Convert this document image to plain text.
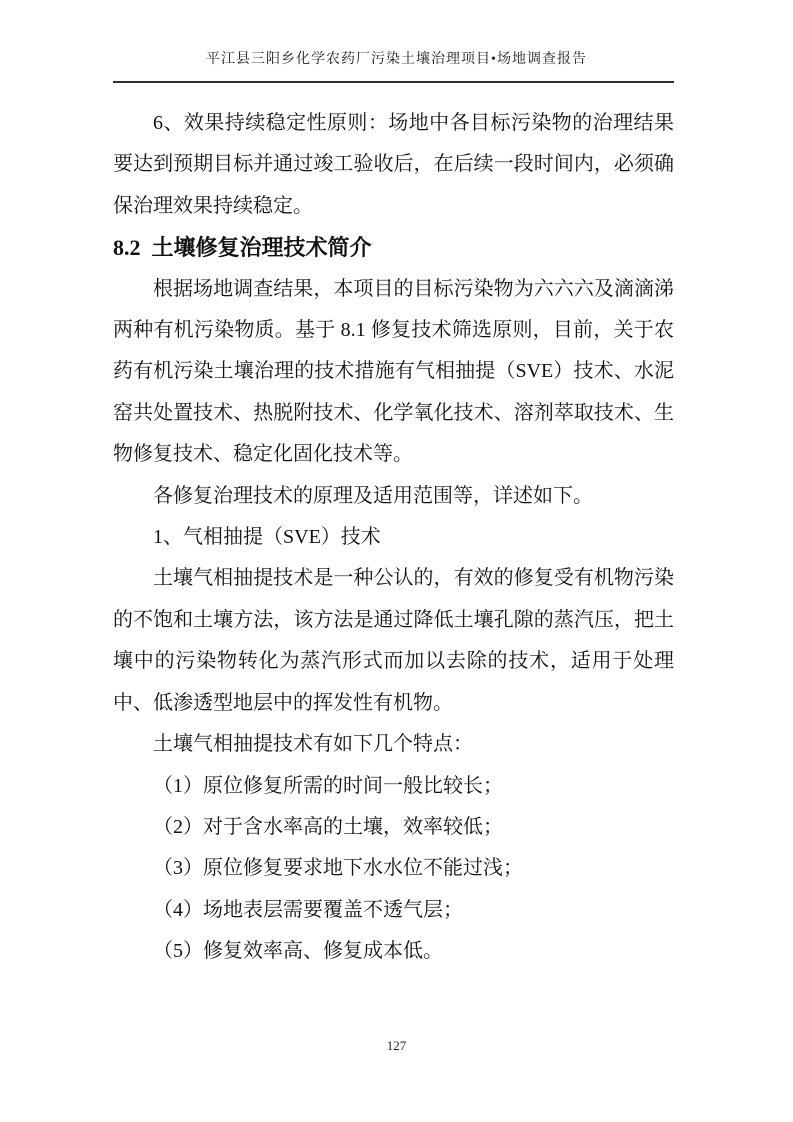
平江县三阳乡化学农药厂污染土壤治理项目•场地调查报告

6、效果持续稳定性原则：场地中各目标污染物的治理结果要达到预期目标并通过竣工验收后，在后续一段时间内，必须确保治理效果持续稳定。

8.2 土壤修复治理技术简介

根据场地调查结果，本项目的目标污染物为六六六及滴滴涕两种有机污染物质。基于 8.1 修复技术筛选原则，目前，关于农药有机污染土壤治理的技术措施有气相抽提（SVE）技术、水泥窑共处置技术、热脱附技术、化学氧化技术、溶剂萃取技术、生物修复技术、稳定化固化技术等。

各修复治理技术的原理及适用范围等，详述如下。

1、气相抽提（SVE）技术

土壤气相抽提技术是一种公认的，有效的修复受有机物污染的不饱和土壤方法，该方法是通过降低土壤孔隙的蒸汽压，把土壤中的污染物转化为蒸汽形式而加以去除的技术，适用于处理中、低渗透型地层中的挥发性有机物。

土壤气相抽提技术有如下几个特点：

（1）原位修复所需的时间一般比较长；

（2）对于含水率高的土壤，效率较低；

（3）原位修复要求地下水水位不能过浅；

（4）场地表层需要覆盖不透气层；

（5）修复效率高、修复成本低。

127
